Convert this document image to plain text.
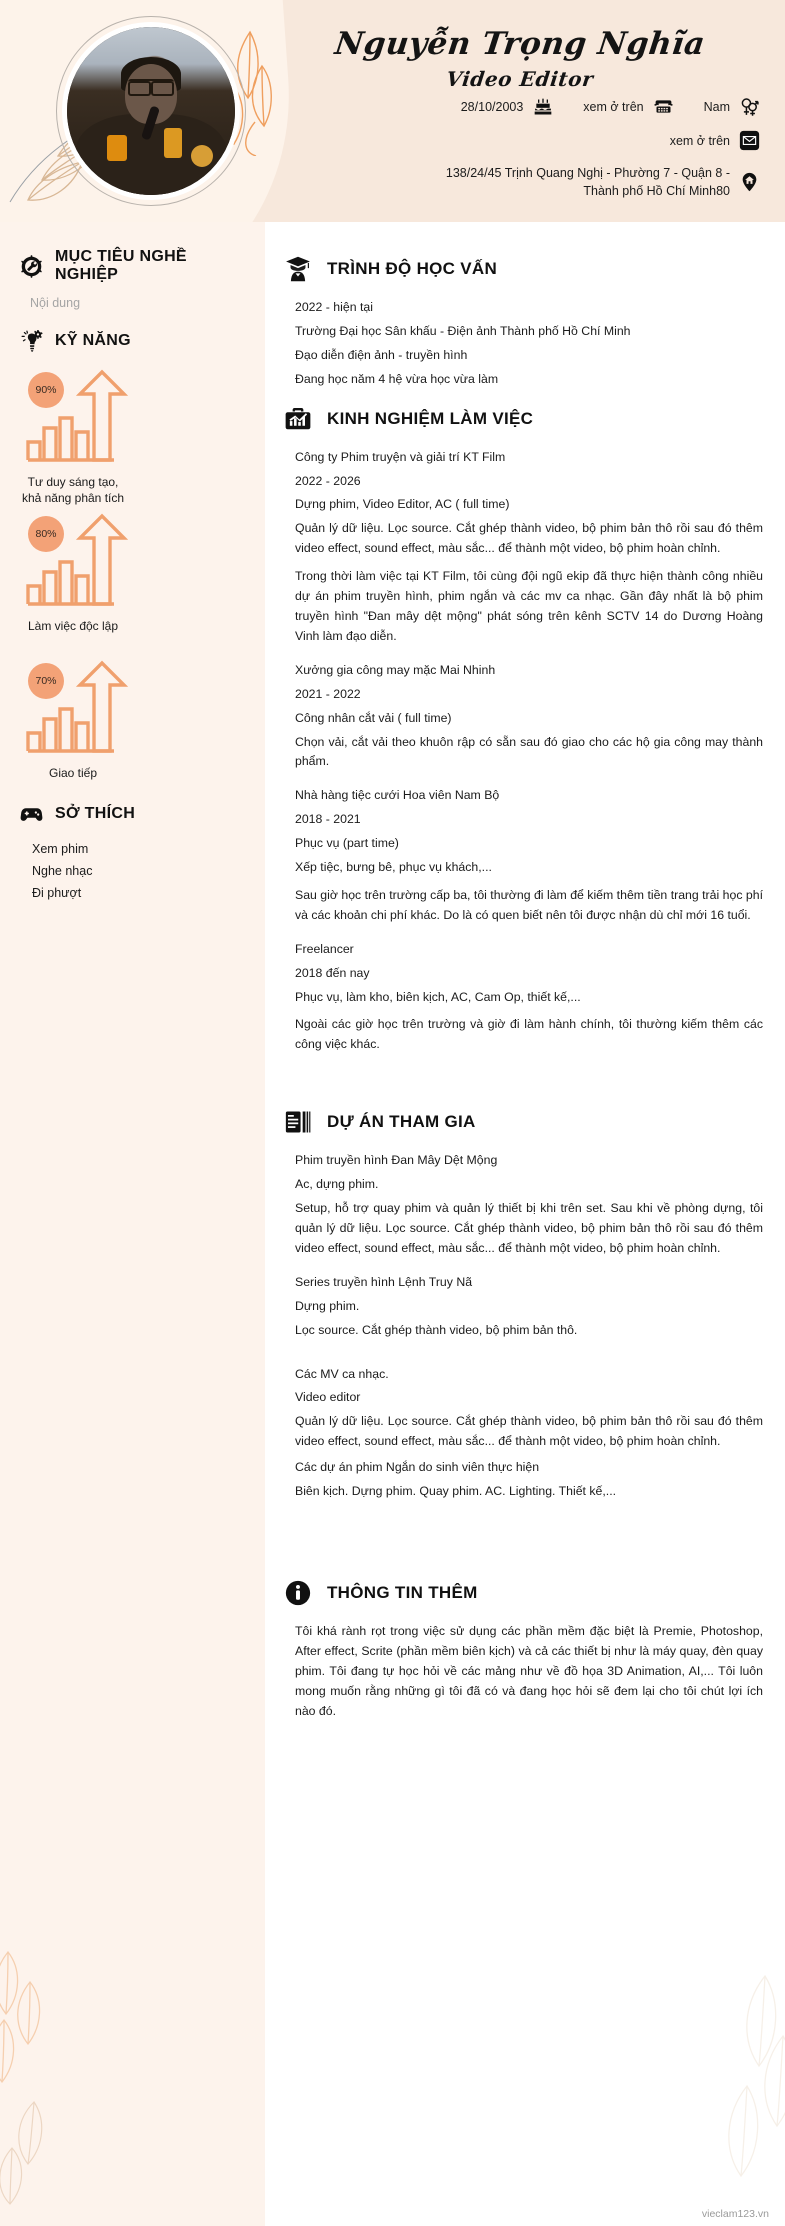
Nguyễn Trọng Nghĩa
Video Editor
28/10/2003	xem ở trên	Nam
xem ở trên
138/24/45 Trịnh Quang Nghị - Phường 7 - Quận 8 - Thành phố Hồ Chí Minh80
MỤC TIÊU NGHỀ NGHIỆP
Nội dung
KỸ NĂNG
90%
Tư duy sáng tạo, khả năng phân tích
80%
Làm việc độc lập
70%
Giao tiếp
SỞ THÍCH
Xem phim
Nghe nhạc
Đi phượt
TRÌNH ĐỘ HỌC VẤN

2022 - hiện tại

Trường Đại học Sân khấu - Điện ảnh Thành phố Hồ Chí Minh

Đạo diễn điện ảnh - truyền hình

Đang học năm 4 hệ vừa học vừa làm

KINH NGHIỆM LÀM VIỆC

Công ty Phim truyện và giải trí KT Film

2022 - 2026

Dựng phim, Video Editor, AC ( full time)

Quản lý dữ liệu. Lọc source. Cắt ghép thành video, bộ phim bản thô rồi sau đó thêm video effect, sound effect, màu sắc... để thành một video, bộ phim hoàn chỉnh.

Trong thời làm việc tại KT Film, tôi cùng đội ngũ ekip đã thực hiện thành công nhiều dự án phim truyền hình, phim ngắn và các mv ca nhạc. Gần đây nhất là bộ phim truyền hình "Đan mây dệt mộng" phát sóng trên kênh SCTV 14 do Dương Hoàng Vinh làm đạo diễn.

Xưởng gia công may mặc Mai Nhinh

2021 - 2022

Công nhân cắt vải ( full time)

Chọn vải, cắt vải theo khuôn rập có sẵn sau đó giao cho các hộ gia công may thành phẩm.

Nhà hàng tiệc cưới Hoa viên Nam Bộ

2018 - 2021

Phục vụ (part time)

Xếp tiệc, bưng bê, phục vụ khách,...

Sau giờ học trên trường cấp ba, tôi thường đi làm để kiếm thêm tiền trang trải học phí và các khoản chi phí khác. Do là có quen biết nên tôi được nhận dù chỉ mới 16 tuổi.

Freelancer

2018 đến nay

Phục vụ, làm kho, biên kịch, AC, Cam Op, thiết kế,...

Ngoài các giờ học trên trường và giờ đi làm hành chính, tôi thường kiếm thêm các công việc khác.

DỰ ÁN THAM GIA

Phim truyền hình Đan Mây Dệt Mộng

Ac, dựng phim.

Setup, hỗ trợ quay phim và quản lý thiết bị khi trên set. Sau khi về phòng dựng, tôi quản lý dữ liệu. Lọc source. Cắt ghép thành video, bộ phim bản thô rồi sau đó thêm video effect, sound effect, màu sắc... để thành một video, bộ phim hoàn chỉnh.

Series truyền hình Lệnh Truy Nã

Dựng phim.

Lọc source. Cắt ghép thành video, bộ phim bản thô.

Các MV ca nhạc.

Video editor

Quản lý dữ liệu. Lọc source. Cắt ghép thành video, bộ phim bản thô rồi sau đó thêm video effect, sound effect, màu sắc... để thành một video, bộ phim hoàn chỉnh.

Các dự án phim Ngắn do sinh viên thực hiện

Biên kịch. Dựng phim. Quay phim. AC. Lighting. Thiết kế,...

THÔNG TIN THÊM

Tôi khá rành rọt trong việc sử dụng các phần mềm đặc biệt là Premie, Photoshop, After effect, Scrite (phần mềm biên kịch) và cả các thiết bị như là máy quay, đèn quay phim. Tôi đang tự học hỏi về các mảng như về đồ họa 3D Animation, AI,... Tôi luôn mong muốn rằng những gì tôi đã có và đang học hỏi sẽ đem lại cho tôi chút lợi ích nào đó.

vieclam123.vn
